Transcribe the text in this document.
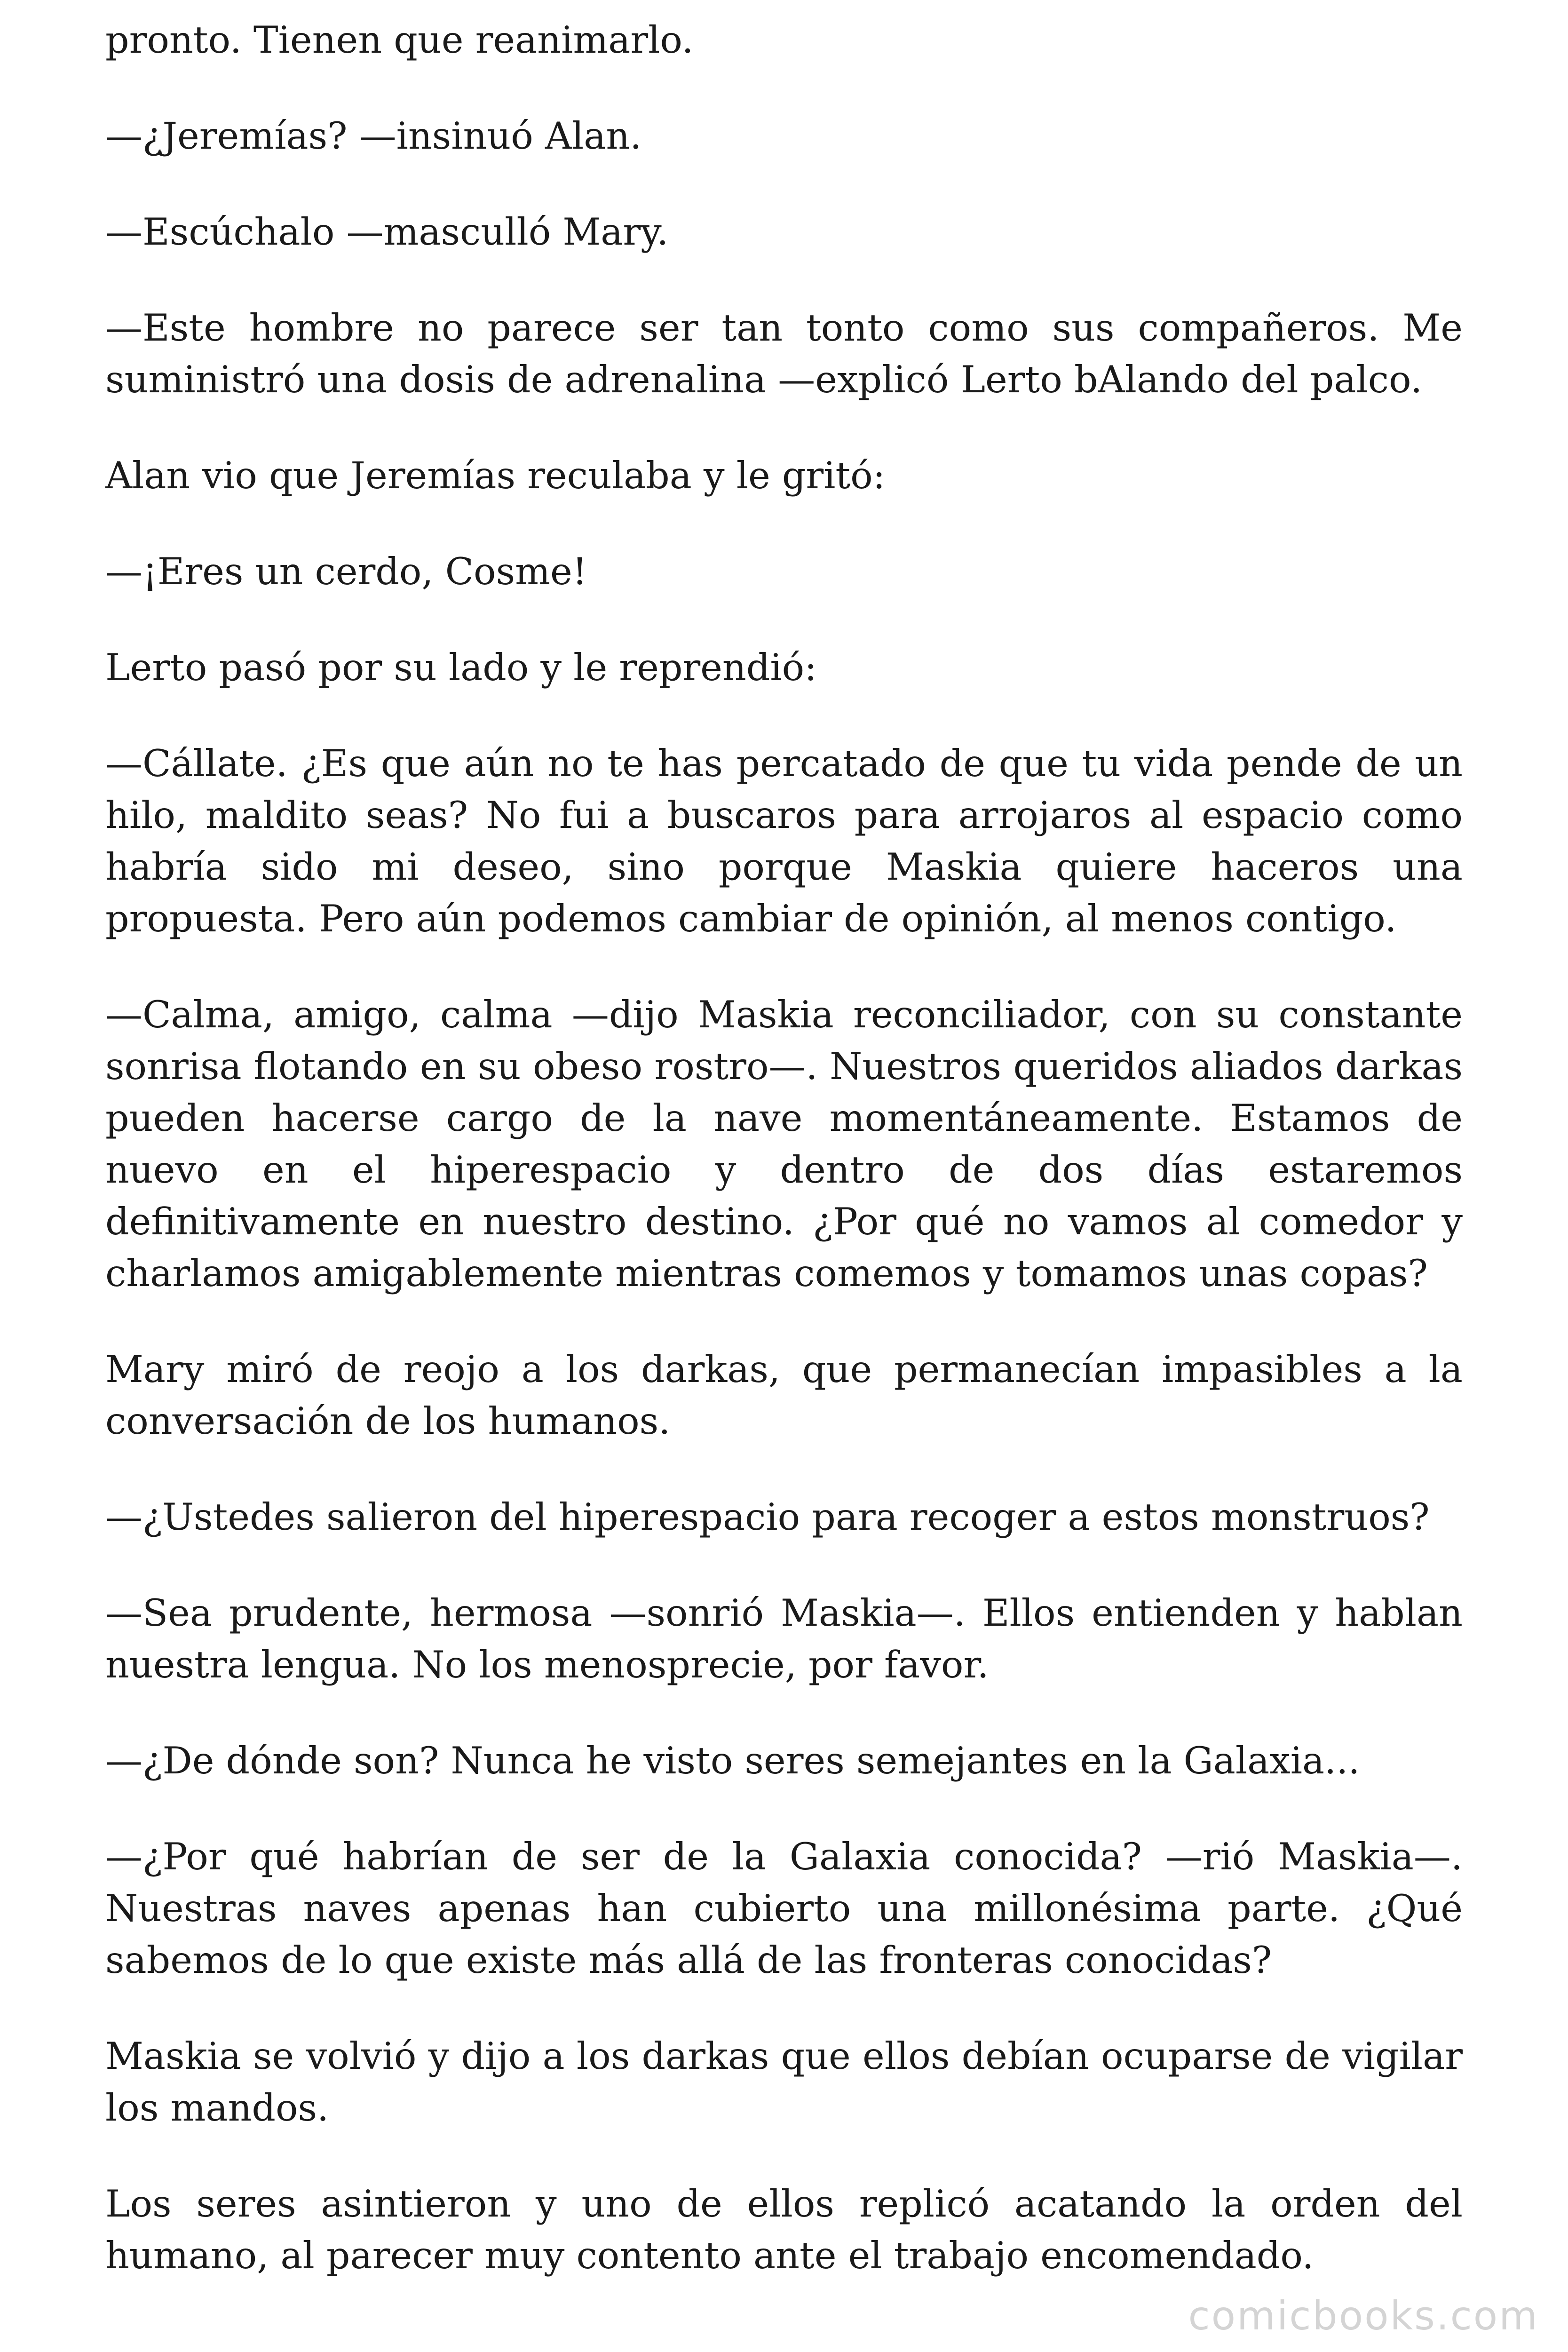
pronto. Tienen que reanimarlo.

—¿Jeremías? —insinuó Alan.

—Escúchalo —masculló Mary.

—Este hombre no parece ser tan tonto como sus compañeros. Me suministró una dosis de adrenalina —explicó Lerto bAlando del palco.

Alan vio que Jeremías reculaba y le gritó:

—¡Eres un cerdo, Cosme!

Lerto pasó por su lado y le reprendió:

—Cállate. ¿Es que aún no te has percatado de que tu vida pende de un hilo, maldito seas? No fui a buscaros para arrojaros al espacio como habría sido mi deseo, sino porque Maskia quiere haceros una propuesta. Pero aún podemos cambiar de opinión, al menos contigo.

—Calma, amigo, calma —dijo Maskia reconciliador, con su constante sonrisa flotando en su obeso rostro—. Nuestros queridos aliados darkas pueden hacerse cargo de la nave momentáneamente. Estamos de nuevo en el hiperespacio y dentro de dos días estaremos definitivamente en nuestro destino. ¿Por qué no vamos al comedor y charlamos amigablemente mientras comemos y tomamos unas copas?

Mary miró de reojo a los darkas, que permanecían impasibles a la conversación de los humanos.

—¿Ustedes salieron del hiperespacio para recoger a estos monstruos?

—Sea prudente, hermosa —sonrió Maskia—. Ellos entienden y hablan nuestra lengua. No los menosprecie, por favor.

—¿De dónde son? Nunca he visto seres semejantes en la Galaxia...

—¿Por qué habrían de ser de la Galaxia conocida? —rió Maskia—. Nuestras naves apenas han cubierto una millonésima parte. ¿Qué sabemos de lo que existe más allá de las fronteras conocidas?

Maskia se volvió y dijo a los darkas que ellos debían ocuparse de vigilar los mandos.

Los seres asintieron y uno de ellos replicó acatando la orden del humano, al parecer muy contento ante el trabajo encomendado.

comicbooks.com
